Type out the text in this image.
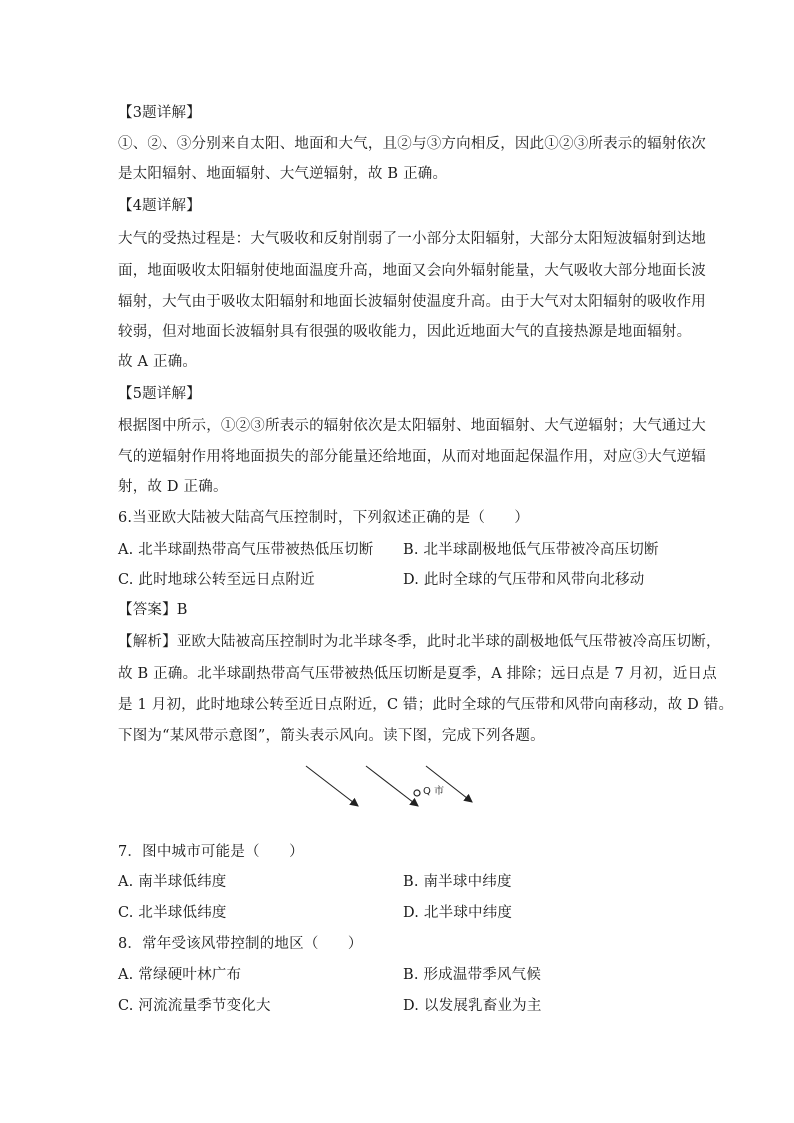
【3题详解】
①、②、③分别来自太阳、地面和大气，且②与③方向相反，因此①②③所表示的辐射依次
是太阳辐射、地面辐射、大气逆辐射，故 B 正确。
【4题详解】
大气的受热过程是：大气吸收和反射削弱了一小部分太阳辐射，大部分太阳短波辐射到达地
面，地面吸收太阳辐射使地面温度升高，地面又会向外辐射能量，大气吸收大部分地面长波
辐射，大气由于吸收太阳辐射和地面长波辐射使温度升高。由于大气对太阳辐射的吸收作用
较弱，但对地面长波辐射具有很强的吸收能力，因此近地面大气的直接热源是地面辐射。
故 A 正确。
【5题详解】
根据图中所示，①②③所表示的辐射依次是太阳辐射、地面辐射、大气逆辐射；大气通过大
气的逆辐射作用将地面损失的部分能量还给地面，从而对地面起保温作用，对应③大气逆辐
射，故 D 正确。
6.当亚欧大陆被大陆高气压控制时，下列叙述正确的是（　　）
A. 北半球副热带高气压带被热低压切断 B. 北半球副极地低气压带被冷高压切断
C. 此时地球公转至远日点附近	D. 此时全球的气压带和风带向北移动
【答案】B
【解析】亚欧大陆被高压控制时为北半球冬季，此时北半球的副极地低气压带被冷高压切断，
故 B 正确。北半球副热带高气压带被热低压切断是夏季，A 排除；远日点是 7 月初，近日点
是 1 月初，此时地球公转至近日点附近，C 错；此时全球的气压带和风带向南移动，故 D 错。
下图为“某风带示意图”，箭头表示风向。读下图，完成下列各题。
Q 市
7．图中城市可能是（　　）
A. 南半球低纬度	B. 南半球中纬度
C. 北半球低纬度	D. 北半球中纬度
8．常年受该风带控制的地区（　　）
A. 常绿硬叶林广布	B. 形成温带季风气候
C. 河流流量季节变化大	D. 以发展乳畜业为主
